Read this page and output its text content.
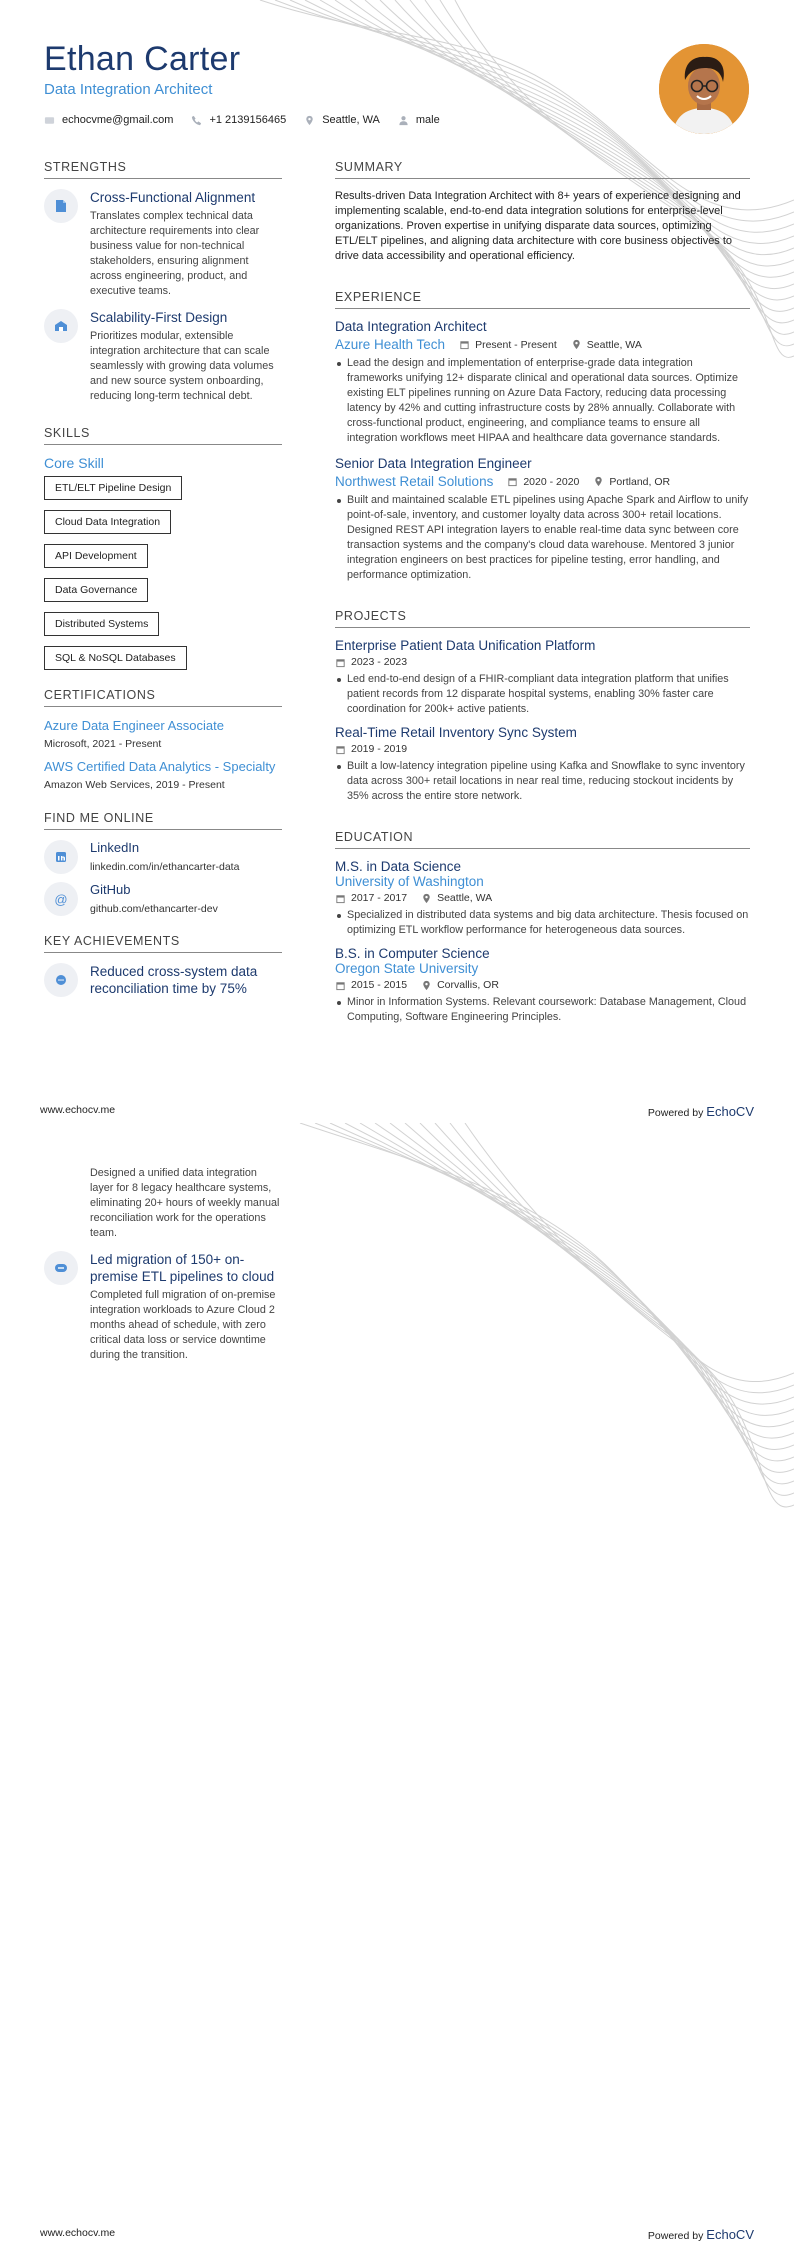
Ethan Carter
Data Integration Architect
echocvme@gmail.com	+1 2139156465	Seattle, WA	male
STRENGTHS
Cross-Functional Alignment
Translates complex technical data architecture requirements into clear business value for non-technical stakeholders, ensuring alignment across engineering, product, and executive teams.
Scalability-First Design
Prioritizes modular, extensible integration architecture that can scale seamlessly with growing data volumes and new source system onboarding, reducing long-term technical debt.
SKILLS
Core Skill
ETL/ELT Pipeline Design
Cloud Data Integration
API Development
Data Governance
Distributed Systems
SQL & NoSQL Databases
CERTIFICATIONS
Azure Data Engineer Associate
Microsoft, 2021 - Present
AWS Certified Data Analytics - Specialty
Amazon Web Services, 2019 - Present
FIND ME ONLINE
LinkedIn
linkedin.com/in/ethancarter-data
@
GitHub
github.com/ethancarter-dev
KEY ACHIEVEMENTS
Reduced cross-system data reconciliation time by 75%
SUMMARY
Results-driven Data Integration Architect with 8+ years of experience designing and implementing scalable, end-to-end data integration solutions for enterprise-level organizations. Proven expertise in unifying disparate data sources, optimizing ETL/ELT pipelines, and aligning data architecture with core business objectives to drive data accessibility and operational efficiency.
EXPERIENCE
Data Integration Architect
Azure Health Tech	Present - Present	Seattle, WA
Lead the design and implementation of enterprise-grade data integration frameworks unifying 12+ disparate clinical and operational data sources. Optimize existing ELT pipelines running on Azure Data Factory, reducing data processing latency by 42% and cutting infrastructure costs by 28% annually. Collaborate with cross-functional product, engineering, and compliance teams to ensure all integration workflows meet HIPAA and healthcare data governance standards.
Senior Data Integration Engineer
Northwest Retail Solutions	2020 - 2020	Portland, OR
Built and maintained scalable ETL pipelines using Apache Spark and Airflow to unify point-of-sale, inventory, and customer loyalty data across 300+ retail locations. Designed REST API integration layers to enable real-time data sync between core transaction systems and the company's cloud data warehouse. Mentored 3 junior integration engineers on best practices for pipeline testing, error handling, and performance optimization.
PROJECTS
Enterprise Patient Data Unification Platform
2023 - 2023
Led end-to-end design of a FHIR-compliant data integration platform that unifies patient records from 12 disparate hospital systems, enabling 30% faster care coordination for 200k+ active patients.
Real-Time Retail Inventory Sync System
2019 - 2019
Built a low-latency integration pipeline using Kafka and Snowflake to sync inventory data across 300+ retail locations in near real time, reducing stockout incidents by 35% across the entire store network.
EDUCATION
M.S. in Data Science
University of Washington
2017 - 2017	Seattle, WA
Specialized in distributed data systems and big data architecture. Thesis focused on optimizing ETL workflow performance for heterogeneous data sources.
B.S. in Computer Science
Oregon State University
2015 - 2015	Corvallis, OR
Minor in Information Systems. Relevant coursework: Database Management, Cloud Computing, Software Engineering Principles.
www.echocv.me	Powered by EchoCV
Designed a unified data integration layer for 8 legacy healthcare systems, eliminating 20+ hours of weekly manual reconciliation work for the operations team.
Led migration of 150+ on-premise ETL pipelines to cloud
Completed full migration of on-premise integration workloads to Azure Cloud 2 months ahead of schedule, with zero critical data loss or service downtime during the transition.
www.echocv.me	Powered by EchoCV
